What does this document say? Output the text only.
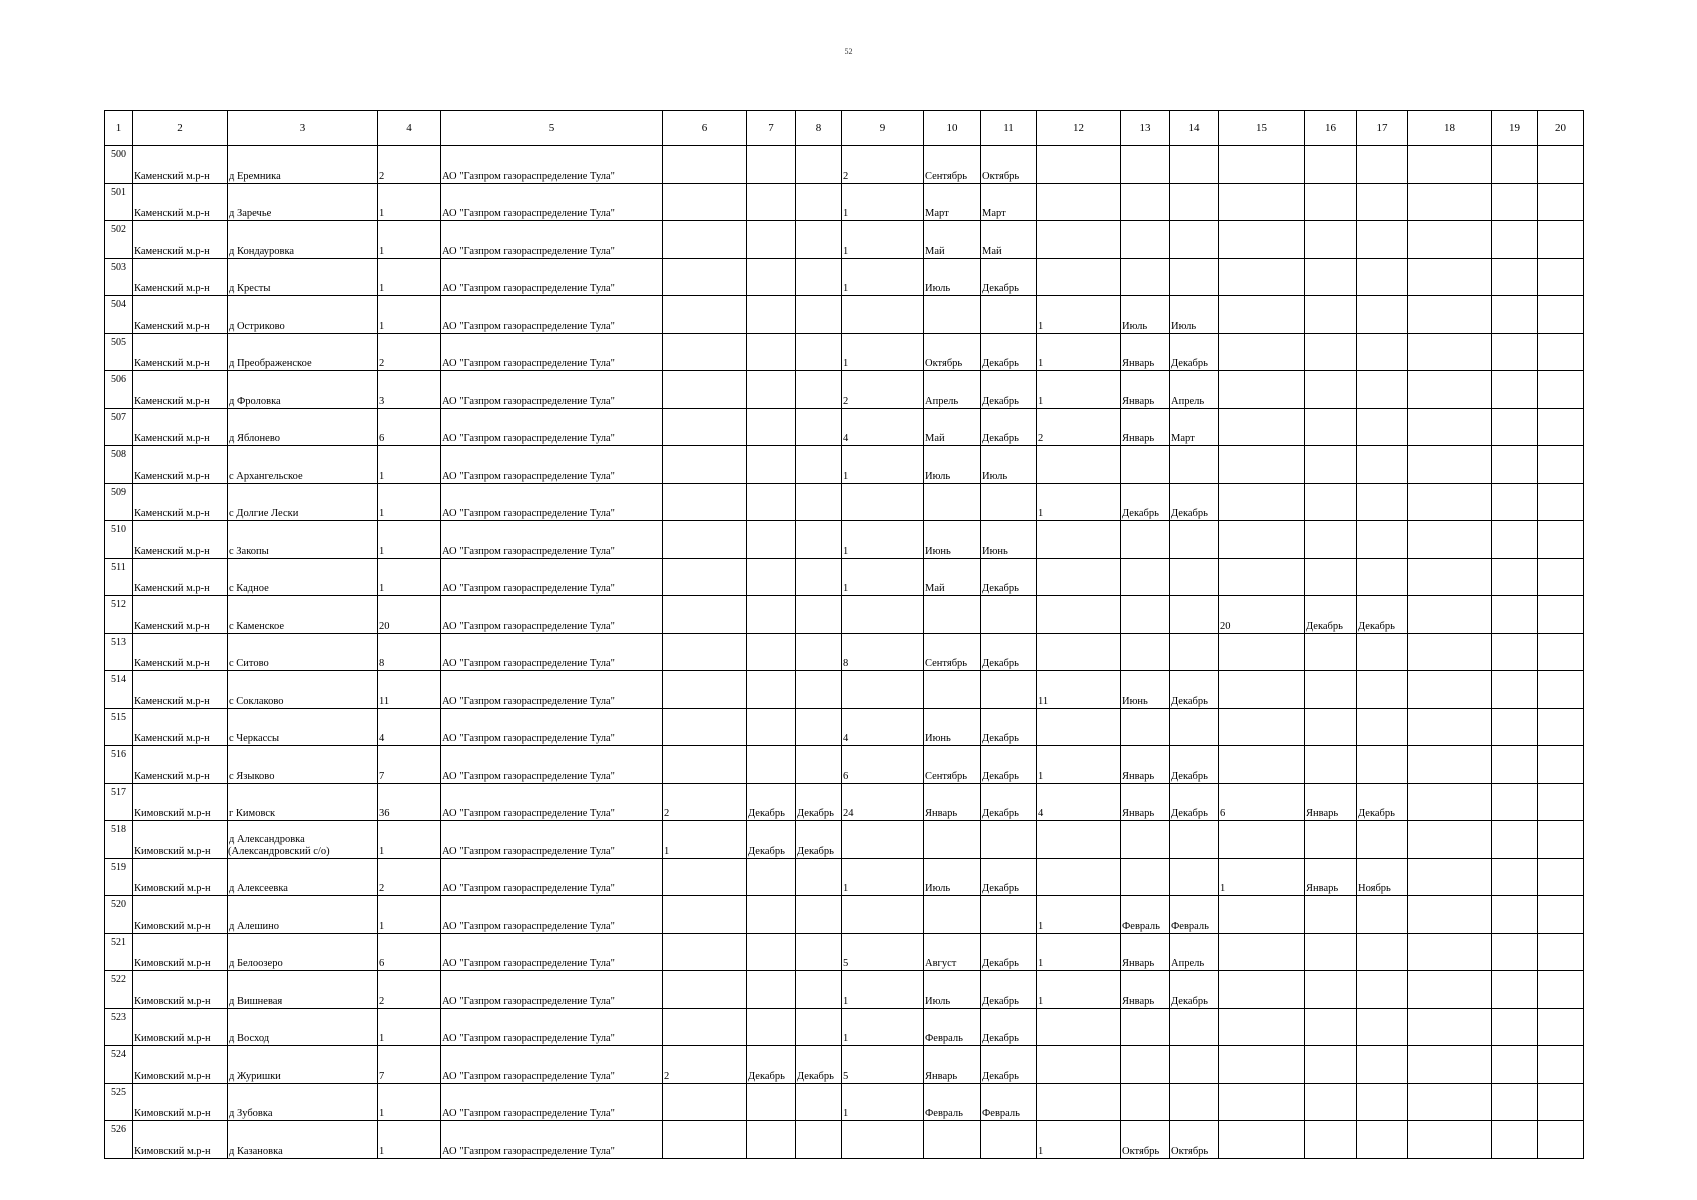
52
1	2	3	4	5	6	7	8	9	10	11	12	13	14	15	16	17	18	19	20
500	Каменский м.р-н	д Еремника	2	АО "Газпром газораспределение Тула"				2	Сентябрь	Октябрь									
501	Каменский м.р-н	д Заречье	1	АО "Газпром газораспределение Тула"				1	Март	Март									
502	Каменский м.р-н	д Кондауровка	1	АО "Газпром газораспределение Тула"				1	Май	Май									
503	Каменский м.р-н	д Кресты	1	АО "Газпром газораспределение Тула"				1	Июль	Декабрь									
504	Каменский м.р-н	д Остриково	1	АО "Газпром газораспределение Тула"							1	Июль	Июль						
505	Каменский м.р-н	д Преображенское	2	АО "Газпром газораспределение Тула"				1	Октябрь	Декабрь	1	Январь	Декабрь						
506	Каменский м.р-н	д Фроловка	3	АО "Газпром газораспределение Тула"				2	Апрель	Декабрь	1	Январь	Апрель						
507	Каменский м.р-н	д Яблонево	6	АО "Газпром газораспределение Тула"				4	Май	Декабрь	2	Январь	Март						
508	Каменский м.р-н	с Архангельское	1	АО "Газпром газораспределение Тула"				1	Июль	Июль									
509	Каменский м.р-н	с Долгие Лески	1	АО "Газпром газораспределение Тула"							1	Декабрь	Декабрь						
510	Каменский м.р-н	с Закопы	1	АО "Газпром газораспределение Тула"				1	Июнь	Июнь									
511	Каменский м.р-н	с Кадное	1	АО "Газпром газораспределение Тула"				1	Май	Декабрь									
512	Каменский м.р-н	с Каменское	20	АО "Газпром газораспределение Тула"										20	Декабрь	Декабрь			
513	Каменский м.р-н	с Ситово	8	АО "Газпром газораспределение Тула"				8	Сентябрь	Декабрь									
514	Каменский м.р-н	с Соклаково	11	АО "Газпром газораспределение Тула"							11	Июнь	Декабрь						
515	Каменский м.р-н	с Черкассы	4	АО "Газпром газораспределение Тула"				4	Июнь	Декабрь									
516	Каменский м.р-н	с Языково	7	АО "Газпром газораспределение Тула"				6	Сентябрь	Декабрь	1	Январь	Декабрь						
517	Кимовский м.р-н	г Кимовск	36	АО "Газпром газораспределение Тула"	2	Декабрь	Декабрь	24	Январь	Декабрь	4	Январь	Декабрь	6	Январь	Декабрь			
518	Кимовский м.р-н	д Александровка (Александровский с/о)	1	АО "Газпром газораспределение Тула"	1	Декабрь	Декабрь												
519	Кимовский м.р-н	д Алексеевка	2	АО "Газпром газораспределение Тула"				1	Июль	Декабрь				1	Январь	Ноябрь			
520	Кимовский м.р-н	д Алешино	1	АО "Газпром газораспределение Тула"							1	Февраль	Февраль						
521	Кимовский м.р-н	д Белоозеро	6	АО "Газпром газораспределение Тула"				5	Август	Декабрь	1	Январь	Апрель						
522	Кимовский м.р-н	д Вишневая	2	АО "Газпром газораспределение Тула"				1	Июль	Декабрь	1	Январь	Декабрь						
523	Кимовский м.р-н	д Восход	1	АО "Газпром газораспределение Тула"				1	Февраль	Декабрь									
524	Кимовский м.р-н	д Журишки	7	АО "Газпром газораспределение Тула"	2	Декабрь	Декабрь	5	Январь	Декабрь									
525	Кимовский м.р-н	д Зубовка	1	АО "Газпром газораспределение Тула"				1	Февраль	Февраль									
526	Кимовский м.р-н	д Казановка	1	АО "Газпром газораспределение Тула"							1	Октябрь	Октябрь						
